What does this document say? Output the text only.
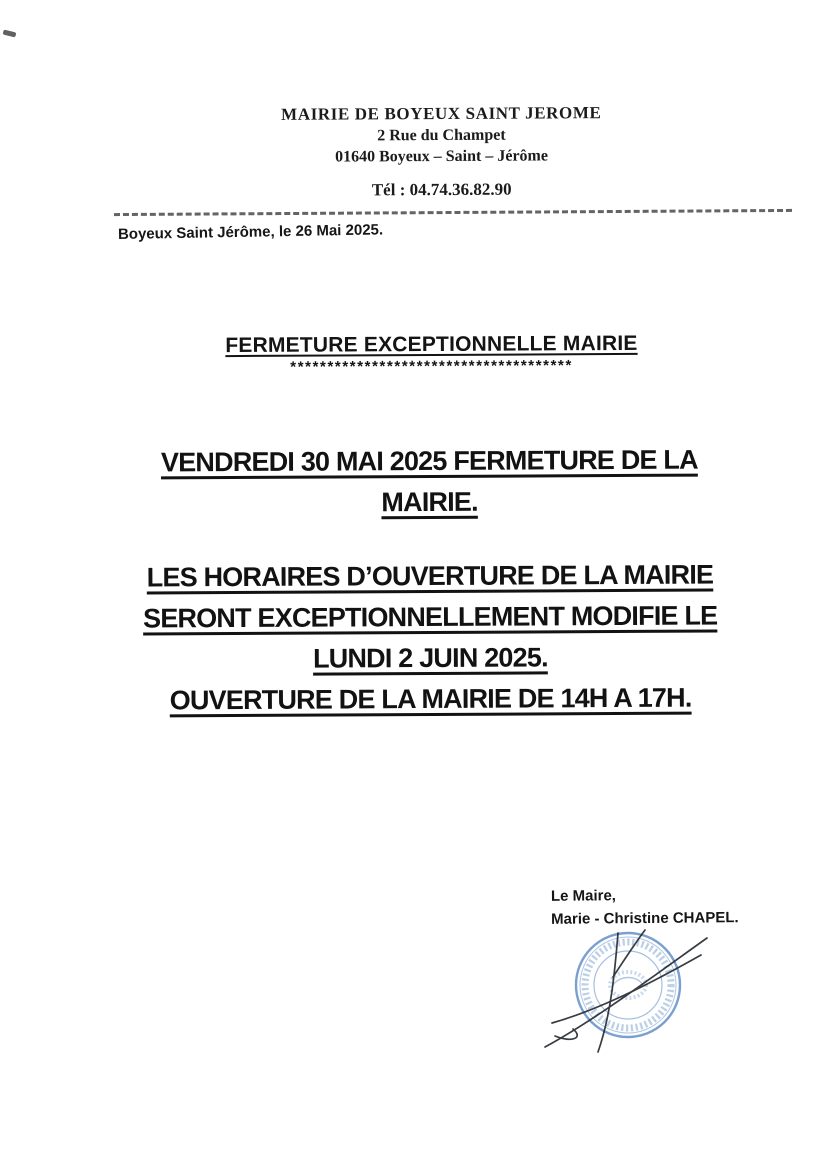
MAIRIE DE BOYEUX SAINT JEROME
2 Rue du Champet
01640 Boyeux – Saint – Jérôme
Tél : 04.74.36.82.90
Boyeux Saint Jérôme, le 26 Mai 2025.
FERMETURE EXCEPTIONNELLE MAIRIE
**************************************

VENDREDI 30 MAI 2025 FERMETURE DE LA
MAIRIE.

LES HORAIRES D’OUVERTURE DE LA MAIRIE
SERONT EXCEPTIONNELLEMENT MODIFIE LE
LUNDI 2 JUIN 2025.

OUVERTURE DE LA MAIRIE DE 14H A 17H.

Le Maire,
Marie - Christine CHAPEL.
